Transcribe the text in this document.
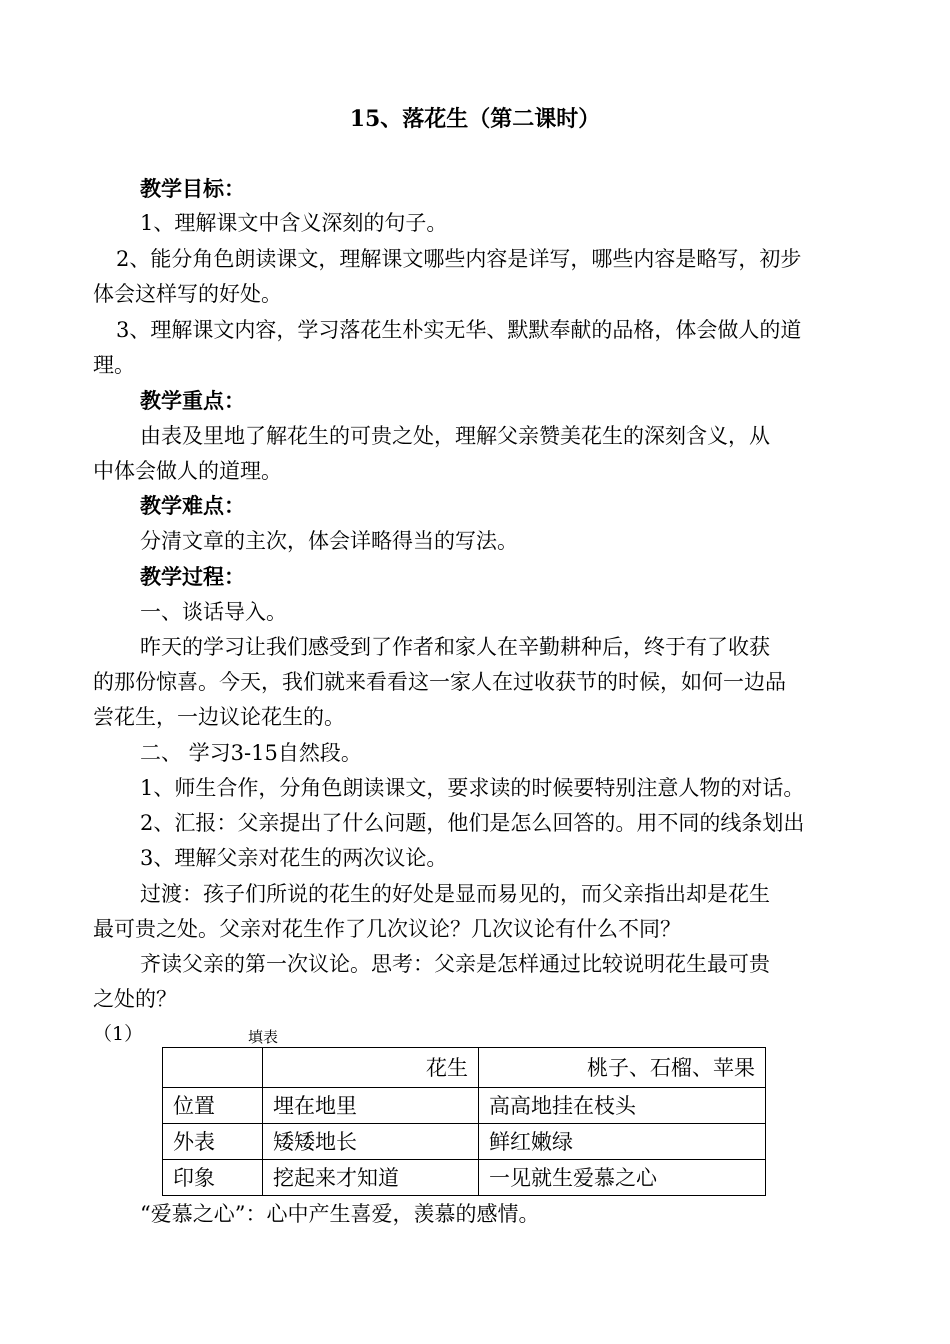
15、落花生（第二课时）
教学目标：
1、理解课文中含义深刻的句子。
2、能分角色朗读课文，理解课文哪些内容是详写，哪些内容是略写，初步
体会这样写的好处。
3、理解课文内容，学习落花生朴实无华、默默奉献的品格，体会做人的道
理。
教学重点：
由表及里地了解花生的可贵之处，理解父亲赞美花生的深刻含义，从
中体会做人的道理。
教学难点：
分清文章的主次，体会详略得当的写法。
教学过程：
一、谈话导入。
昨天的学习让我们感受到了作者和家人在辛勤耕种后，终于有了收获
的那份惊喜。今天，我们就来看看这一家人在过收获节的时候，如何一边品
尝花生，一边议论花生的。
二、 学习3-15自然段。
1、师生合作，分角色朗读课文，要求读的时候要特别注意人物的对话。
2、汇报：父亲提出了什么问题，他们是怎么回答的。用不同的线条划出
3、理解父亲对花生的两次议论。
过渡：孩子们所说的花生的好处是显而易见的，而父亲指出却是花生
最可贵之处。父亲对花生作了几次议论？几次议论有什么不同？
齐读父亲的第一次议论。思考：父亲是怎样通过比较说明花生最可贵
之处的？
（1）	填表
	花生	桃子、石榴、苹果
位置	埋在地里	高高地挂在枝头
外表	矮矮地长	鲜红嫩绿
印象	挖起来才知道	一见就生爱慕之心
“爱慕之心”：心中产生喜爱，羡慕的感情。
